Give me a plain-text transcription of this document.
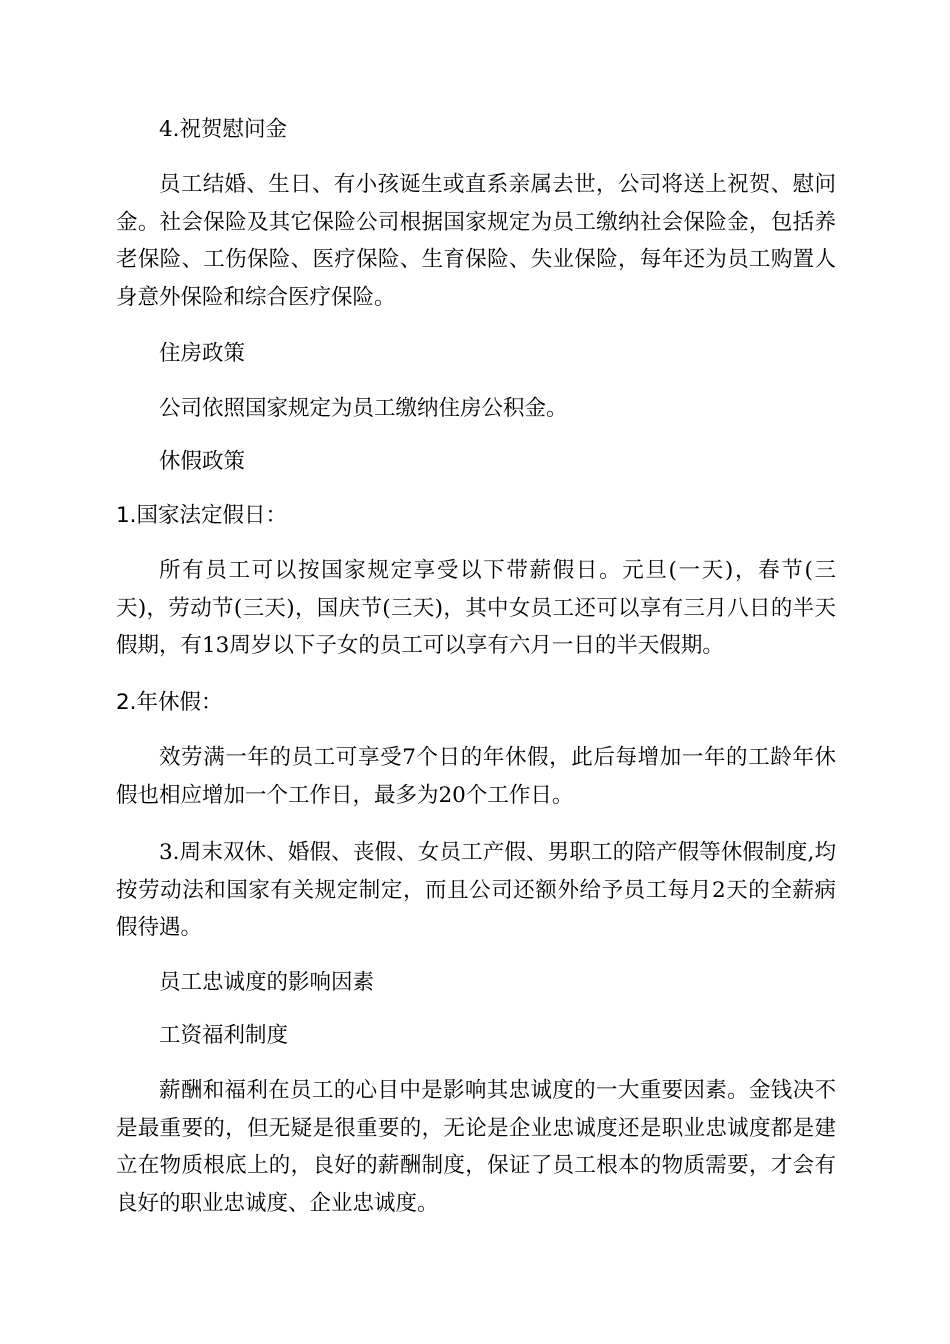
4.祝贺慰问金

员工结婚、生日、有小孩诞生或直系亲属去世，公司将送上祝贺、慰问金。社会保险及其它保险公司根据国家规定为员工缴纳社会保险金，包括养老保险、工伤保险、医疗保险、生育保险、失业保险，每年还为员工购置人身意外保险和综合医疗保险。

住房政策

公司依照国家规定为员工缴纳住房公积金。

休假政策

1.国家法定假日：

所有员工可以按国家规定享受以下带薪假日。元旦(一天)，春节(三天)，劳动节(三天)，国庆节(三天)，其中女员工还可以享有三月八日的半天假期，有13周岁以下子女的员工可以享有六月一日的半天假期。

2.年休假：

效劳满一年的员工可享受7个日的年休假，此后每增加一年的工龄年休假也相应增加一个工作日，最多为20个工作日。

3.周末双休、婚假、丧假、女员工产假、男职工的陪产假等休假制度,均按劳动法和国家有关规定制定，而且公司还额外给予员工每月2天的全薪病假待遇。

员工忠诚度的影响因素

工资福利制度

薪酬和福利在员工的心目中是影响其忠诚度的一大重要因素。金钱决不是最重要的，但无疑是很重要的，无论是企业忠诚度还是职业忠诚度都是建立在物质根底上的，良好的薪酬制度，保证了员工根本的物质需要，才会有良好的职业忠诚度、企业忠诚度。
